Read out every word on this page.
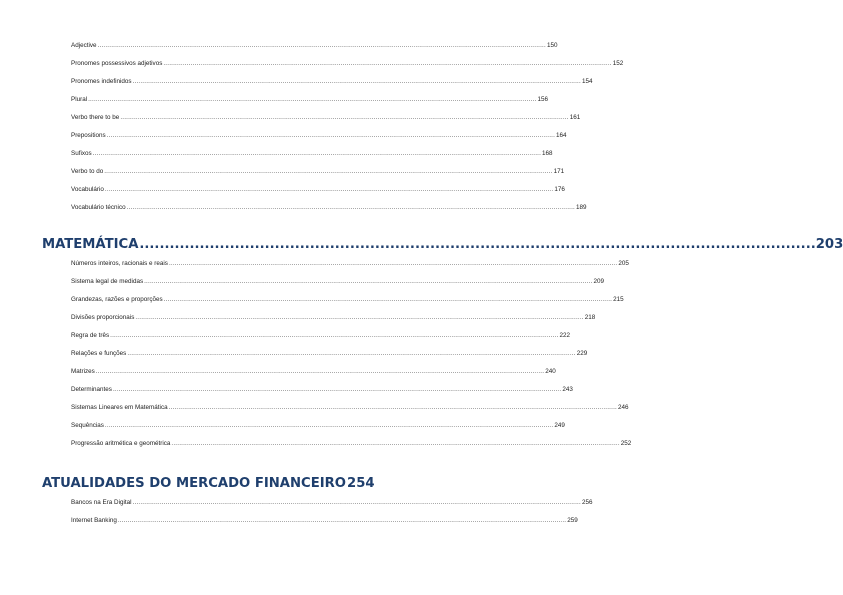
Adjective .....	150
Pronomes possessivos adjetivos .....	152
Pronomes indefinidos .....	154
Plural .....	156
Verbo there to be .....	161
Prepositions .....	164
Sufixos .....	168
Verbo to do .....	171
Vocabulário .....	176
Vocabulário técnico .....	189
MATEMÁTICA .....	203
Números inteiros, racionais e reais .....	205
Sistema legal de medidas .....	209
Grandezas, razões e proporções .....	215
Divisões proporcionais .....	218
Regra de três .....	222
Relações e funções .....	229
Matrizes .....	240
Determinantes .....	243
Sistemas Lineares em Matemática .....	246
Sequências .....	249
Progressão aritmética e geométrica .....	252
ATUALIDADES DO MERCADO FINANCEIRO 254
Bancos na Era Digital .....	256
Internet Banking .....	259
